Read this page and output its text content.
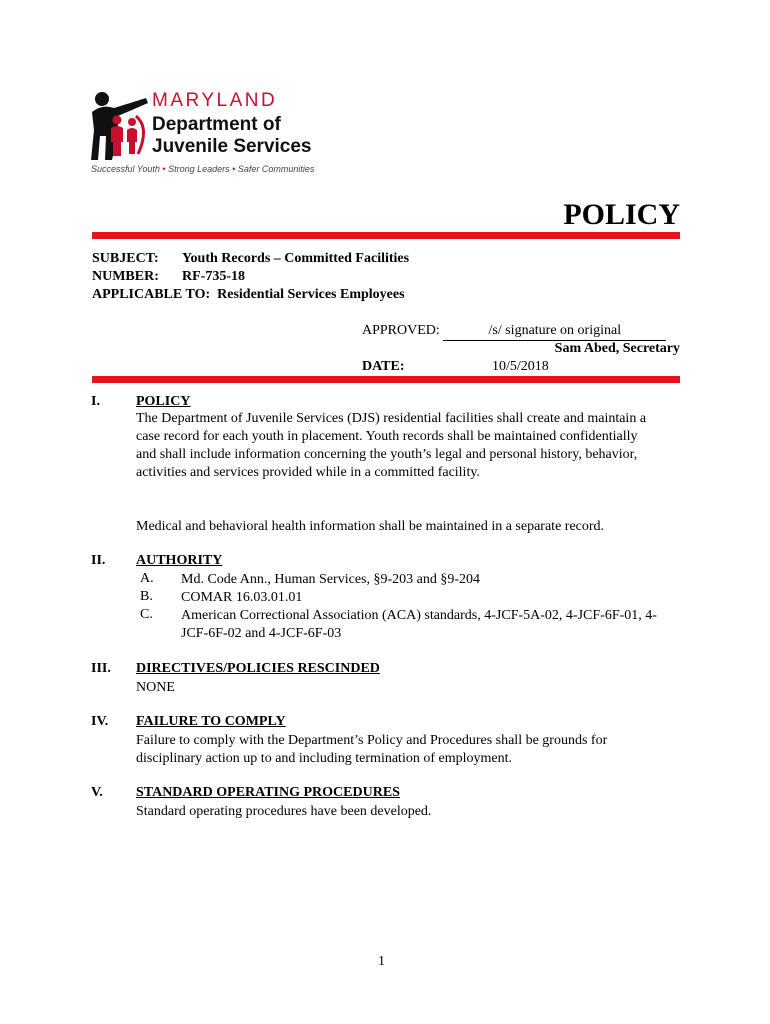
MARYLAND
Department of
Juvenile Services
Successful Youth • Strong Leaders • Safer Communities
POLICY
SUBJECT: Youth Records – Committed Facilities
NUMBER: RF-735-18
APPLICABLE TO: Residential Services Employees
APPROVED:	/s/ signature on original
Sam Abed, Secretary
DATE:	10/5/2018
I.	POLICY
The Department of Juvenile Services (DJS) residential facilities shall create and maintain a case record for each youth in placement. Youth records shall be maintained confidentially and shall include information concerning the youth’s legal and personal history, behavior, activities and services provided while in a committed facility.
Medical and behavioral health information shall be maintained in a separate record.
II. AUTHORITY
A. Md. Code Ann., Human Services, §9-203 and §9-204
B. COMAR 16.03.01.01
C. American Correctional Association (ACA) standards, 4-JCF-5A-02, 4-JCF-6F-01, 4-JCF-6F-02 and 4-JCF-6F-03
III. DIRECTIVES/POLICIES RESCINDED
NONE
IV. FAILURE TO COMPLY
Failure to comply with the Department’s Policy and Procedures shall be grounds for disciplinary action up to and including termination of employment.
V. STANDARD OPERATING PROCEDURES
Standard operating procedures have been developed.
1
